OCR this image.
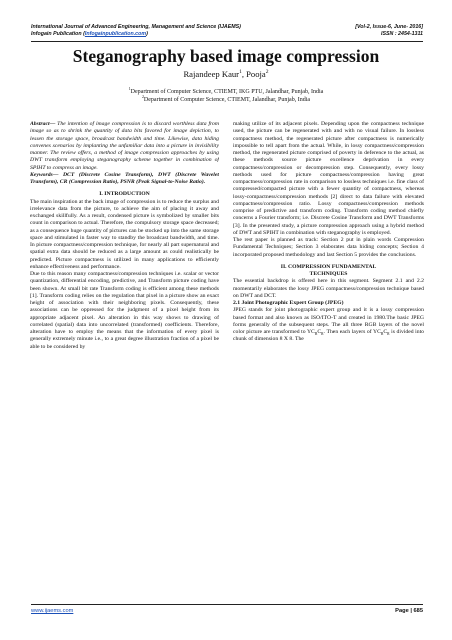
International Journal of Advanced Engineering, Management and Science (IJAEMS)	[Vol-2, Issue-6, June- 2016]
Infogain Publication (Infogainpublication.com)	ISSN : 2454-1311
Steganography based image compression
Rajandeep Kaur$^1$, Pooja$^2$
$^1$Department of Computer Science, CTIEMT, IKG PTU, Jalandhar, Punjab, India
$^2$Department of Computer Science, CTIEMT, Jalandhar, Punjab, India

Abstract— The intention of image compression is to discard worthless data from image so as to shrink the quantity of data bits favored for image depiction, to lessen the storage space, broadcast bandwidth and time. Likewise, data hiding convenes scenarios by implanting the unfamiliar data into a picture in invisibility manner. The review offers, a method of image compression approaches by using DWT transform employing steganography scheme together in combination of SPIHT to compress an image.

Keywords— DCT (Discrete Cosine Transform), DWT (Discrete Wavelet Transform), CR (Compression Ratio), PSNR (Peak Signal-to-Noise Ratio).

I. INTRODUCTION

The main inspiration at the back image of compression is to reduce the surplus and irrelevance data from the picture, to achieve the aim of placing it away and exchanged skillfully. As a result, condensed picture is symbolized by smaller bits count in comparison to actual. Therefore, the compulsory storage space decreased; as a consequence huge quantity of pictures can be stocked up into the same storage space and stimulated in faster way to standby the broadcast bandwidth, and time. In picture compactness/compression technique, for nearly all part supernatural and spatial extra data should be reduced as a large amount as could realistically be predicted. Picture compactness is utilized in many applications to efficiently enhance effectiveness and performance.

Due to this reason many compactness/compression techniques i.e. scalar or vector quantization, differential encoding, predictive, and Transform picture coding have been shown. At small bit rate Transform coding is efficient among these methods [1]. Transform coding relies on the regulation that pixel in a picture show an exact height of association with their neighboring pixels. Consequently, these associations can be oppressed for the judgment of a pixel height from its appropriate adjacent pixel. An alteration in this way shows to drawing of correlated (spatial) data into uncorrelated (transformed) coefficients. Therefore, alteration have to employ the means that the information of every pixel is generally extremely minute i.e., to a great degree illustration fraction of a pixel be able to be considered by

making utilize of its adjacent pixels. Depending upon the compactness technique used, the picture can be regenerated with and with no visual failure. In lossless compactness method, the regenerated picture after compactness is numerically impossible to tell apart from the actual. While, in lossy compactness/compression method, the regenerated picture comprised of poverty in deference to the actual, as these methods source picture excellence deprivation in every compactness/compression or decompression step. Consequently, every lossy methods used for picture compactness/compression having great compactness/compression rate in comparison to lossless techniques i.e. fine class of compressed/compacted picture with a fewer quantity of compactness, whereas lossy-compactness/compression methods [2] direct to data failure with elevated compactness/compression ratio. Lossy compactness/compression methods comprise of predictive and transform coding. Transform coding method chiefly concerns a Fourier transform; i.e. Discrete Cosine Transform and DWT Transforms [3]. In the presented study, a picture compression approach using a hybrid method of DWT and SPIHT in combination with steganography is employed.

The rest paper is planned as track: Section 2 put in plain words Compression Fundamental Techniques; Section 3 elaborates data hiding concepts; Section 4 incorporated proposed methodology and last Section 5 provides the conclusions.

II. COMPRESSION FUNDAMENTAL
TECHNIQUES

The essential backdrop is offered here in this segment. Segment 2.1 and 2.2 momentarily elaborates the lossy JPEG compactness/compression technique based on DWT and DCT.

2.1 Joint Photographic Expert Group (JPEG)

JPEG stands for joint photographic expert group and it is a lossy compression based format and also known as ISO/ITO-T and created in 1980.The basic JPEG forms generally of the subsequent steps. The all three RGB layers of the novel color picture are transformed to $YC_BC_R$. Then each layers of $YC_BC_R$ is divided into chunk of dimension 8 X 8. The

www.ijaems.com	Page | 685
